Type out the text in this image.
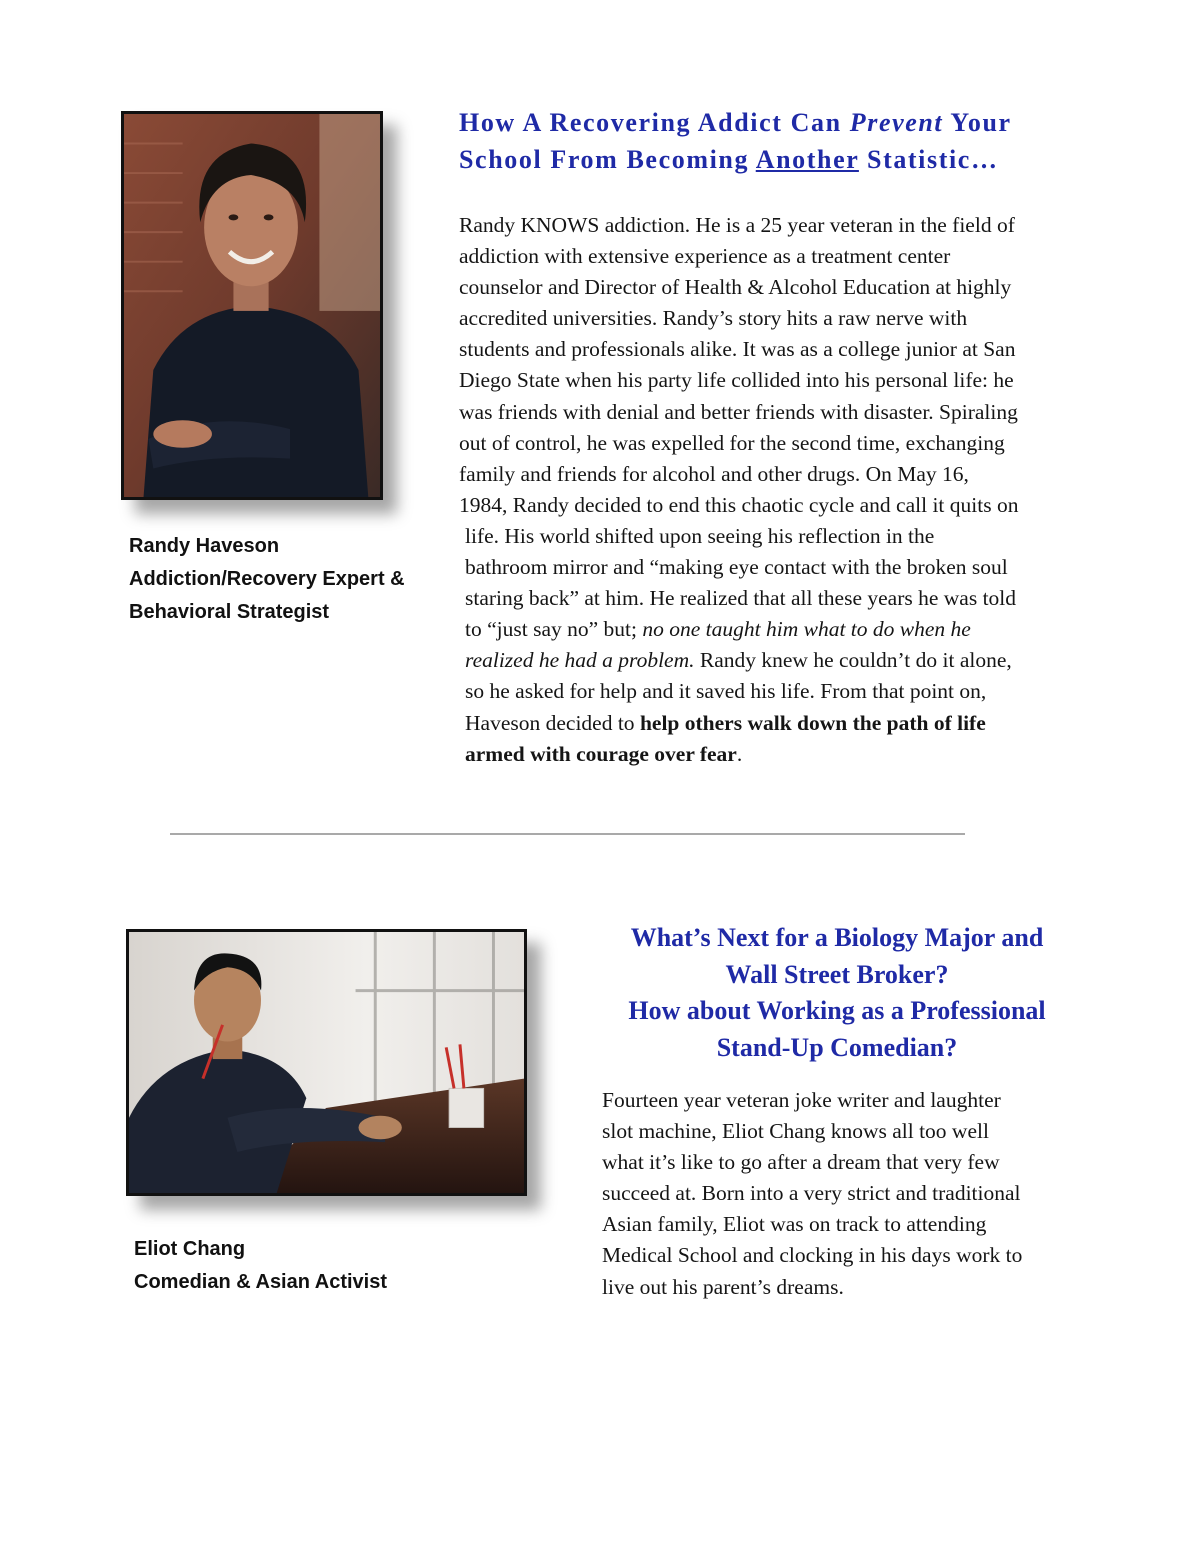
Randy Haveson
Addiction/Recovery Expert &
Behavioral Strategist
How A Recovering Addict Can Prevent Your
School From Becoming Another Statistic…
Randy KNOWS addiction. He is a 25 year veteran in the field of
addiction with extensive experience as a treatment center
counselor and Director of Health & Alcohol Education at highly
accredited universities. Randy’s story hits a raw nerve with
students and professionals alike. It was as a college junior at San
Diego State when his party life collided into his personal life: he
was friends with denial and better friends with disaster. Spiraling
out of control, he was expelled for the second time, exchanging
family and friends for alcohol and other drugs. On May 16,
1984, Randy decided to end this chaotic cycle and call it quits on
life. His world shifted upon seeing his reflection in the
bathroom mirror and “making eye contact with the broken soul
staring back” at him. He realized that all these years he was told
to “just say no” but; no one taught him what to do when he
realized he had a problem. Randy knew he couldn’t do it alone,
so he asked for help and it saved his life. From that point on,
Haveson decided to help others walk down the path of life
armed with courage over fear.
Eliot Chang
Comedian & Asian Activist
What’s Next for a Biology Major and
Wall Street Broker?
How about Working as a Professional
Stand-Up Comedian?
Fourteen year veteran joke writer and laughter
slot machine, Eliot Chang knows all too well
what it’s like to go after a dream that very few
succeed at. Born into a very strict and traditional
Asian family, Eliot was on track to attending
Medical School and clocking in his days work to
live out his parent’s dreams.
